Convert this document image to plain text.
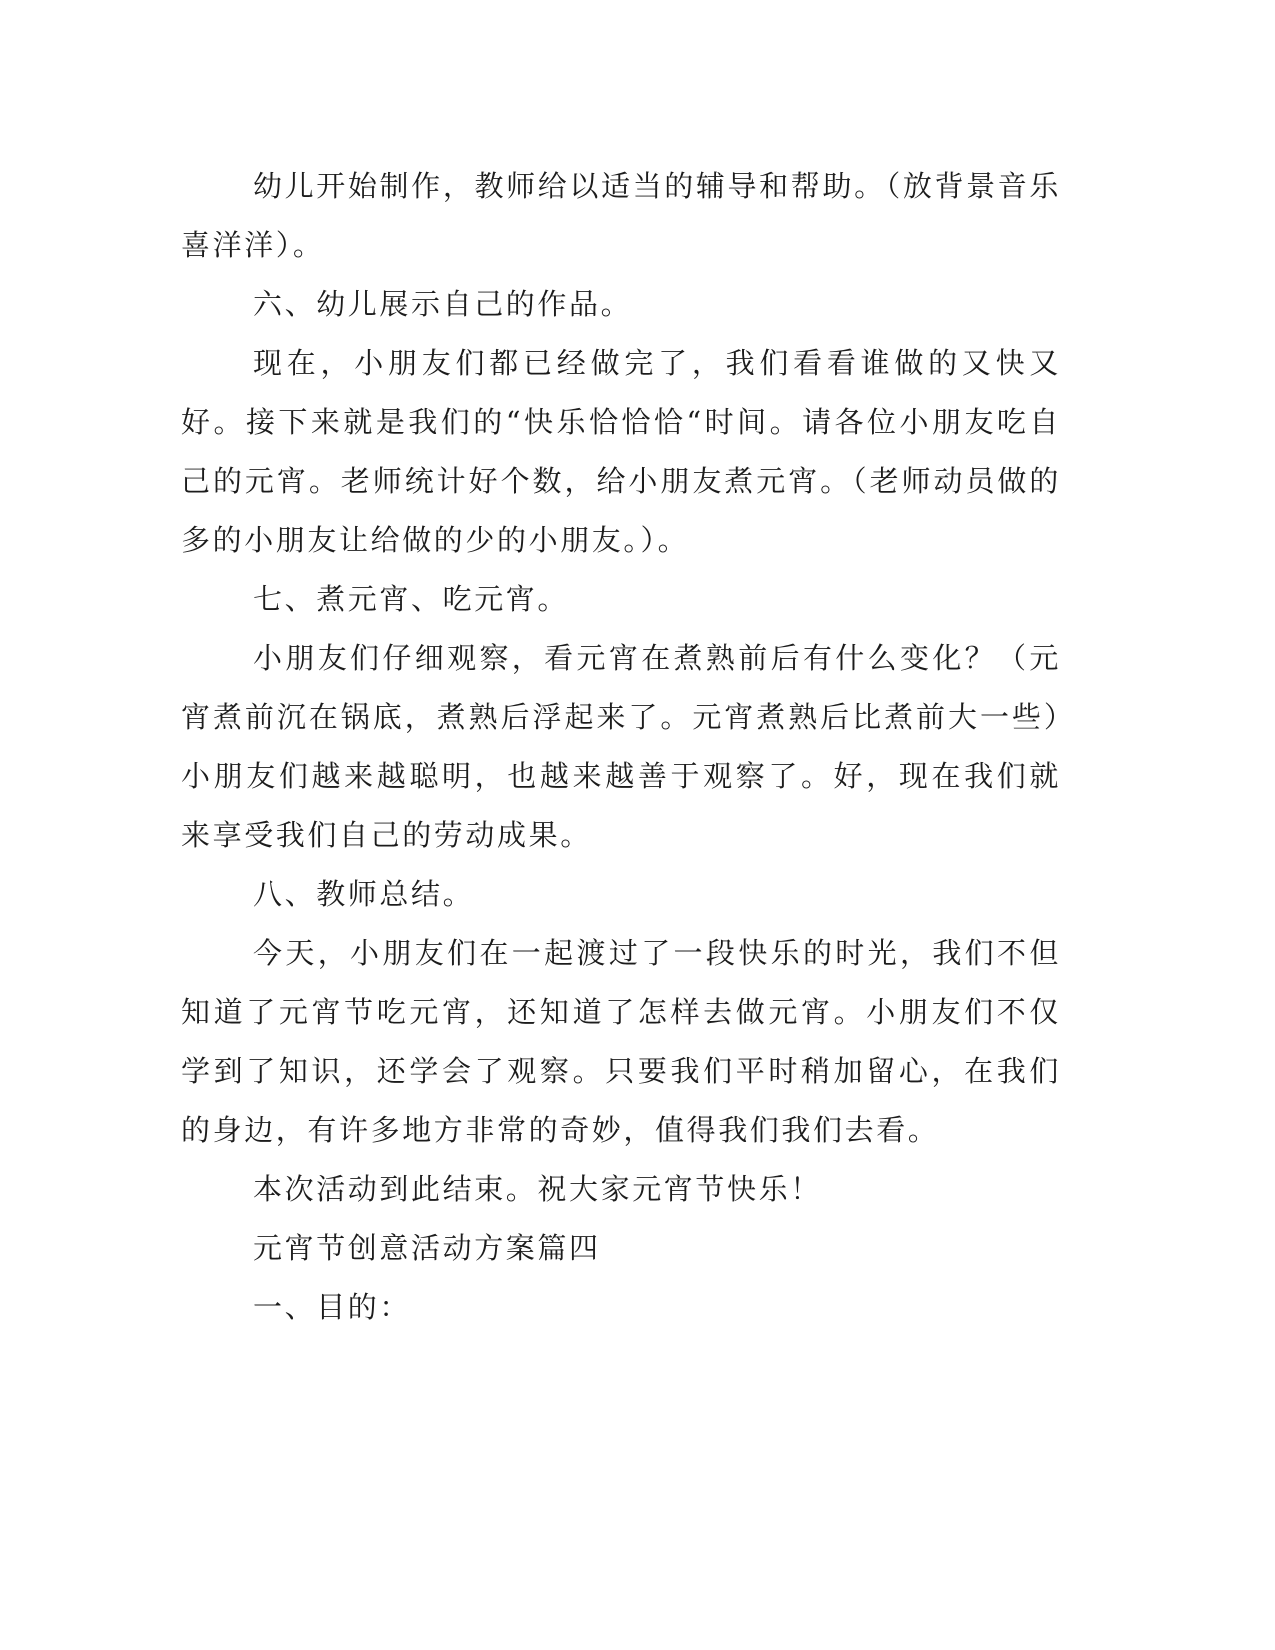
幼儿开始制作，教师给以适当的辅导和帮助。（放背景音乐喜洋洋）。

六、幼儿展示自己的作品。

现在，小朋友们都已经做完了，我们看看谁做的又快又好。接下来就是我们的“快乐恰恰恰“时间。请各位小朋友吃自己的元宵。老师统计好个数，给小朋友煮元宵。（老师动员做的多的小朋友让给做的少的小朋友。）。

七、煮元宵、吃元宵。

小朋友们仔细观察，看元宵在煮熟前后有什么变化？（元宵煮前沉在锅底，煮熟后浮起来了。元宵煮熟后比煮前大一些）小朋友们越来越聪明，也越来越善于观察了。好，现在我们就来享受我们自己的劳动成果。

八、教师总结。

今天，小朋友们在一起渡过了一段快乐的时光，我们不但知道了元宵节吃元宵，还知道了怎样去做元宵。小朋友们不仅学到了知识，还学会了观察。只要我们平时稍加留心，在我们的身边，有许多地方非常的奇妙，值得我们我们去看。

本次活动到此结束。祝大家元宵节快乐！

元宵节创意活动方案篇四

一、目的：
